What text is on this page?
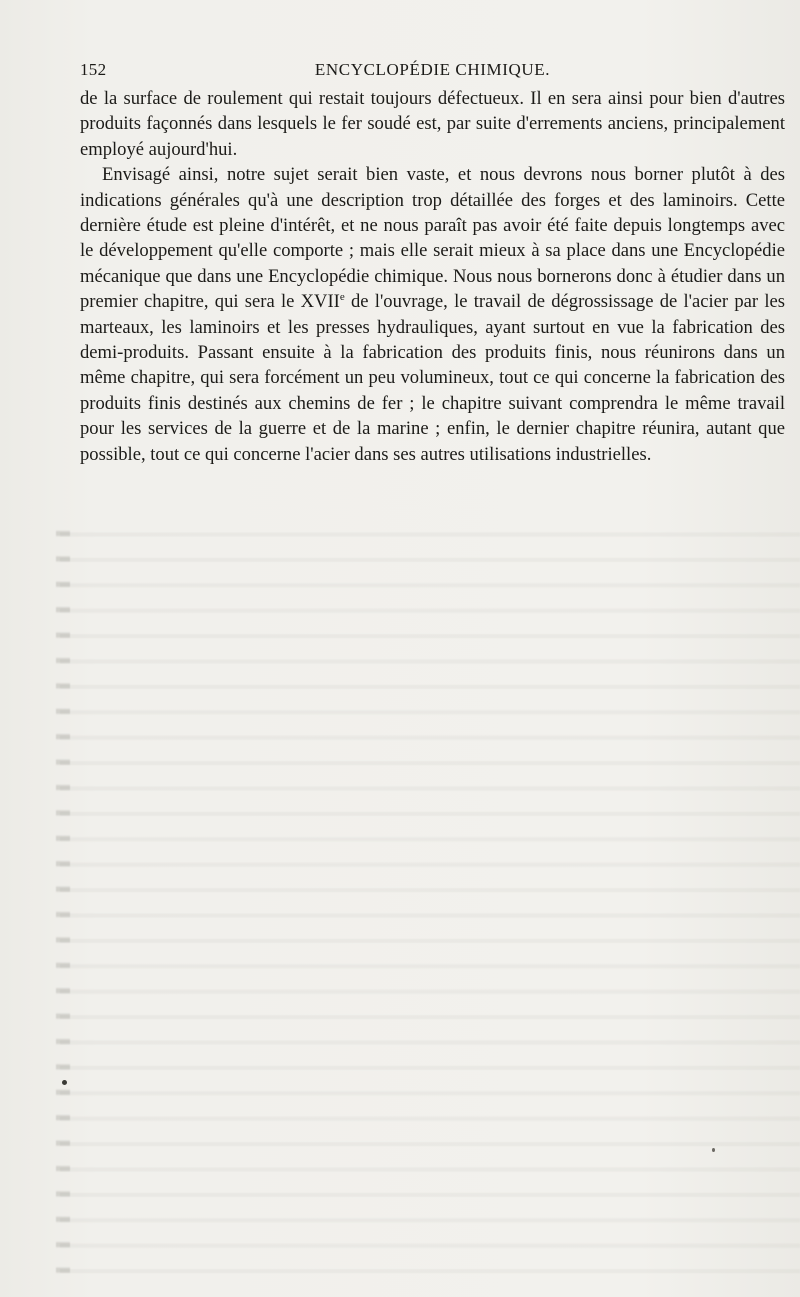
152	ENCYCLOPÉDIE CHIMIQUE.

de la surface de roulement qui restait toujours défectueux. Il en sera ainsi pour bien d'autres produits façonnés dans lesquels le fer soudé est, par suite d'errements anciens, principalement employé aujourd'hui.

Envisagé ainsi, notre sujet serait bien vaste, et nous devrons nous borner plutôt à des indications générales qu'à une description trop détaillée des forges et des laminoirs. Cette dernière étude est pleine d'intérêt, et ne nous paraît pas avoir été faite depuis longtemps avec le développement qu'elle comporte ; mais elle serait mieux à sa place dans une Encyclopédie mécanique que dans une Encyclopédie chimique. Nous nous bornerons donc à étudier dans un premier chapitre, qui sera le XVIIe de l'ouvrage, le travail de dégrossissage de l'acier par les marteaux, les laminoirs et les presses hydrauliques, ayant surtout en vue la fabrication des demi-produits. Passant ensuite à la fabrication des produits finis, nous réunirons dans un même chapitre, qui sera forcément un peu volumineux, tout ce qui concerne la fabrication des produits finis destinés aux chemins de fer ; le chapitre suivant comprendra le même travail pour les services de la guerre et de la marine ; enfin, le dernier chapitre réunira, autant que possible, tout ce qui concerne l'acier dans ses autres utilisations industrielles.
